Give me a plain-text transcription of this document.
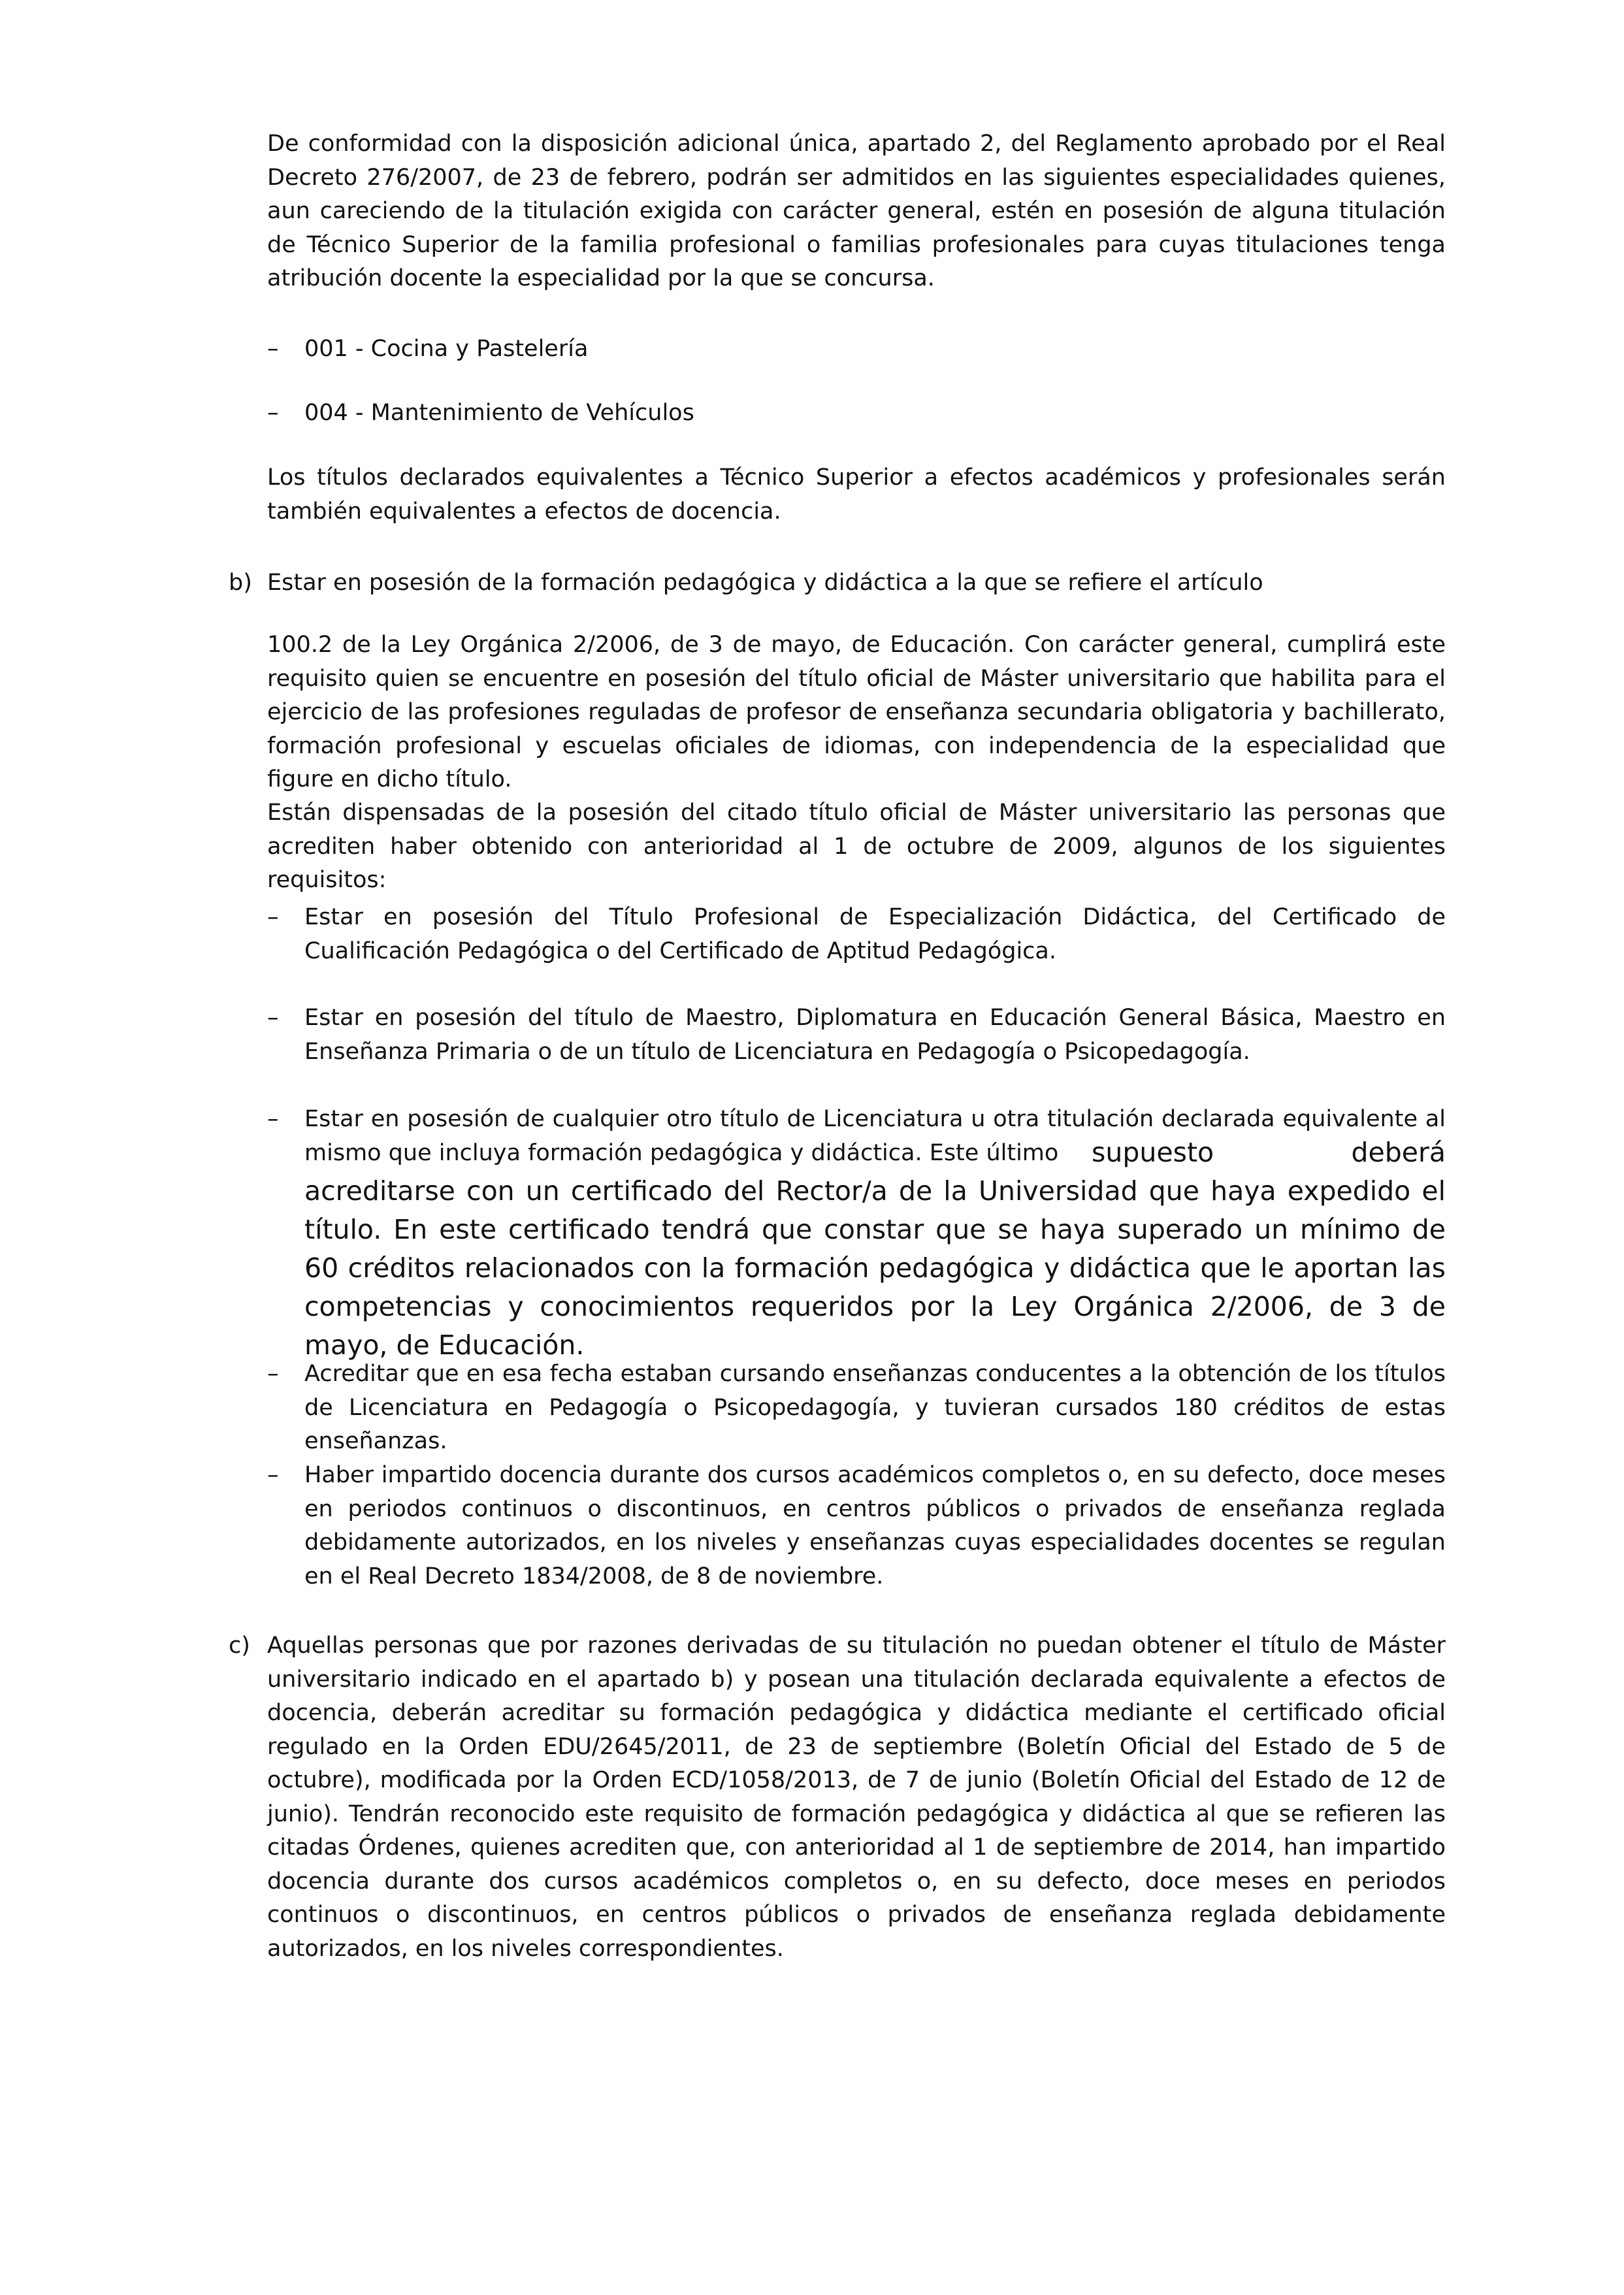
De conformidad con la disposición adicional única, apartado 2, del Reglamento aprobado por el Real Decreto 276/2007, de 23 de febrero, podrán ser admitidos en las siguientes especialidades quienes, aun careciendo de la titulación exigida con carácter general, estén en posesión de alguna titulación de Técnico Superior de la familia profesional o familias profesionales para cuyas titulaciones tenga atribución docente la especialidad por la que se concursa.

– 001 - Cocina y Pastelería

– 004 - Mantenimiento de Vehículos

Los títulos declarados equivalentes a Técnico Superior a efectos académicos y profesionales serán también equivalentes a efectos de docencia.

b) Estar en posesión de la formación pedagógica y didáctica a la que se refiere el artículo

100.2 de la Ley Orgánica 2/2006, de 3 de mayo, de Educación. Con carácter general, cumplirá este requisito quien se encuentre en posesión del título oficial de Máster universitario que habilita para el ejercicio de las profesiones reguladas de profesor de enseñanza secundaria obligatoria y bachillerato, formación profesional y escuelas oficiales de idiomas, con independencia de la especialidad que figure en dicho título.

Están dispensadas de la posesión del citado título oficial de Máster universitario las personas que acrediten haber obtenido con anterioridad al 1 de octubre de 2009, algunos de los siguientes requisitos:

– Estar en posesión del Título Profesional de Especialización Didáctica, del Certificado de Cualificación Pedagógica o del Certificado de Aptitud Pedagógica.

– Estar en posesión del título de Maestro, Diplomatura en Educación General Básica, Maestro en Enseñanza Primaria o de un título de Licenciatura en Pedagogía o Psicopedagogía.

– Estar en posesión de cualquier otro título de Licenciatura u otra titulación declarada equivalente al mismo que incluya formación pedagógica y didáctica. Este último	supuesto deberá acreditarse con un certificado del Rector/a de la Universidad que haya expedido el título. En este certificado tendrá que constar que se haya superado un mínimo de 60 créditos relacionados con la formación pedagógica y didáctica que le aportan las competencias y conocimientos requeridos por la Ley Orgánica 2/2006, de 3 de mayo, de Educación.

– Acreditar que en esa fecha estaban cursando enseñanzas conducentes a la obtención de los títulos de Licenciatura en Pedagogía o Psicopedagogía, y tuvieran cursados 180 créditos de estas enseñanzas.

– Haber impartido docencia durante dos cursos académicos completos o, en su defecto, doce meses en periodos continuos o discontinuos, en centros públicos o privados de enseñanza reglada debidamente autorizados, en los niveles y enseñanzas cuyas especialidades docentes se regulan en el Real Decreto 1834/2008, de 8 de noviembre.

c) Aquellas personas que por razones derivadas de su titulación no puedan obtener el título de Máster universitario indicado en el apartado b) y posean una titulación declarada equivalente a efectos de docencia, deberán acreditar su formación pedagógica y didáctica mediante el certificado oficial regulado en la Orden EDU/2645/2011, de 23 de septiembre (Boletín Oficial del Estado de 5 de octubre), modificada por la Orden ECD/1058/2013, de 7 de junio (Boletín Oficial del Estado de 12 de junio). Tendrán reconocido este requisito de formación pedagógica y didáctica al que se refieren las citadas Órdenes, quienes acrediten que, con anterioridad al 1 de septiembre de 2014, han impartido docencia durante dos cursos académicos completos o, en su defecto, doce meses en periodos continuos o discontinuos, en centros públicos o privados de enseñanza reglada debidamente autorizados, en los niveles correspondientes.
